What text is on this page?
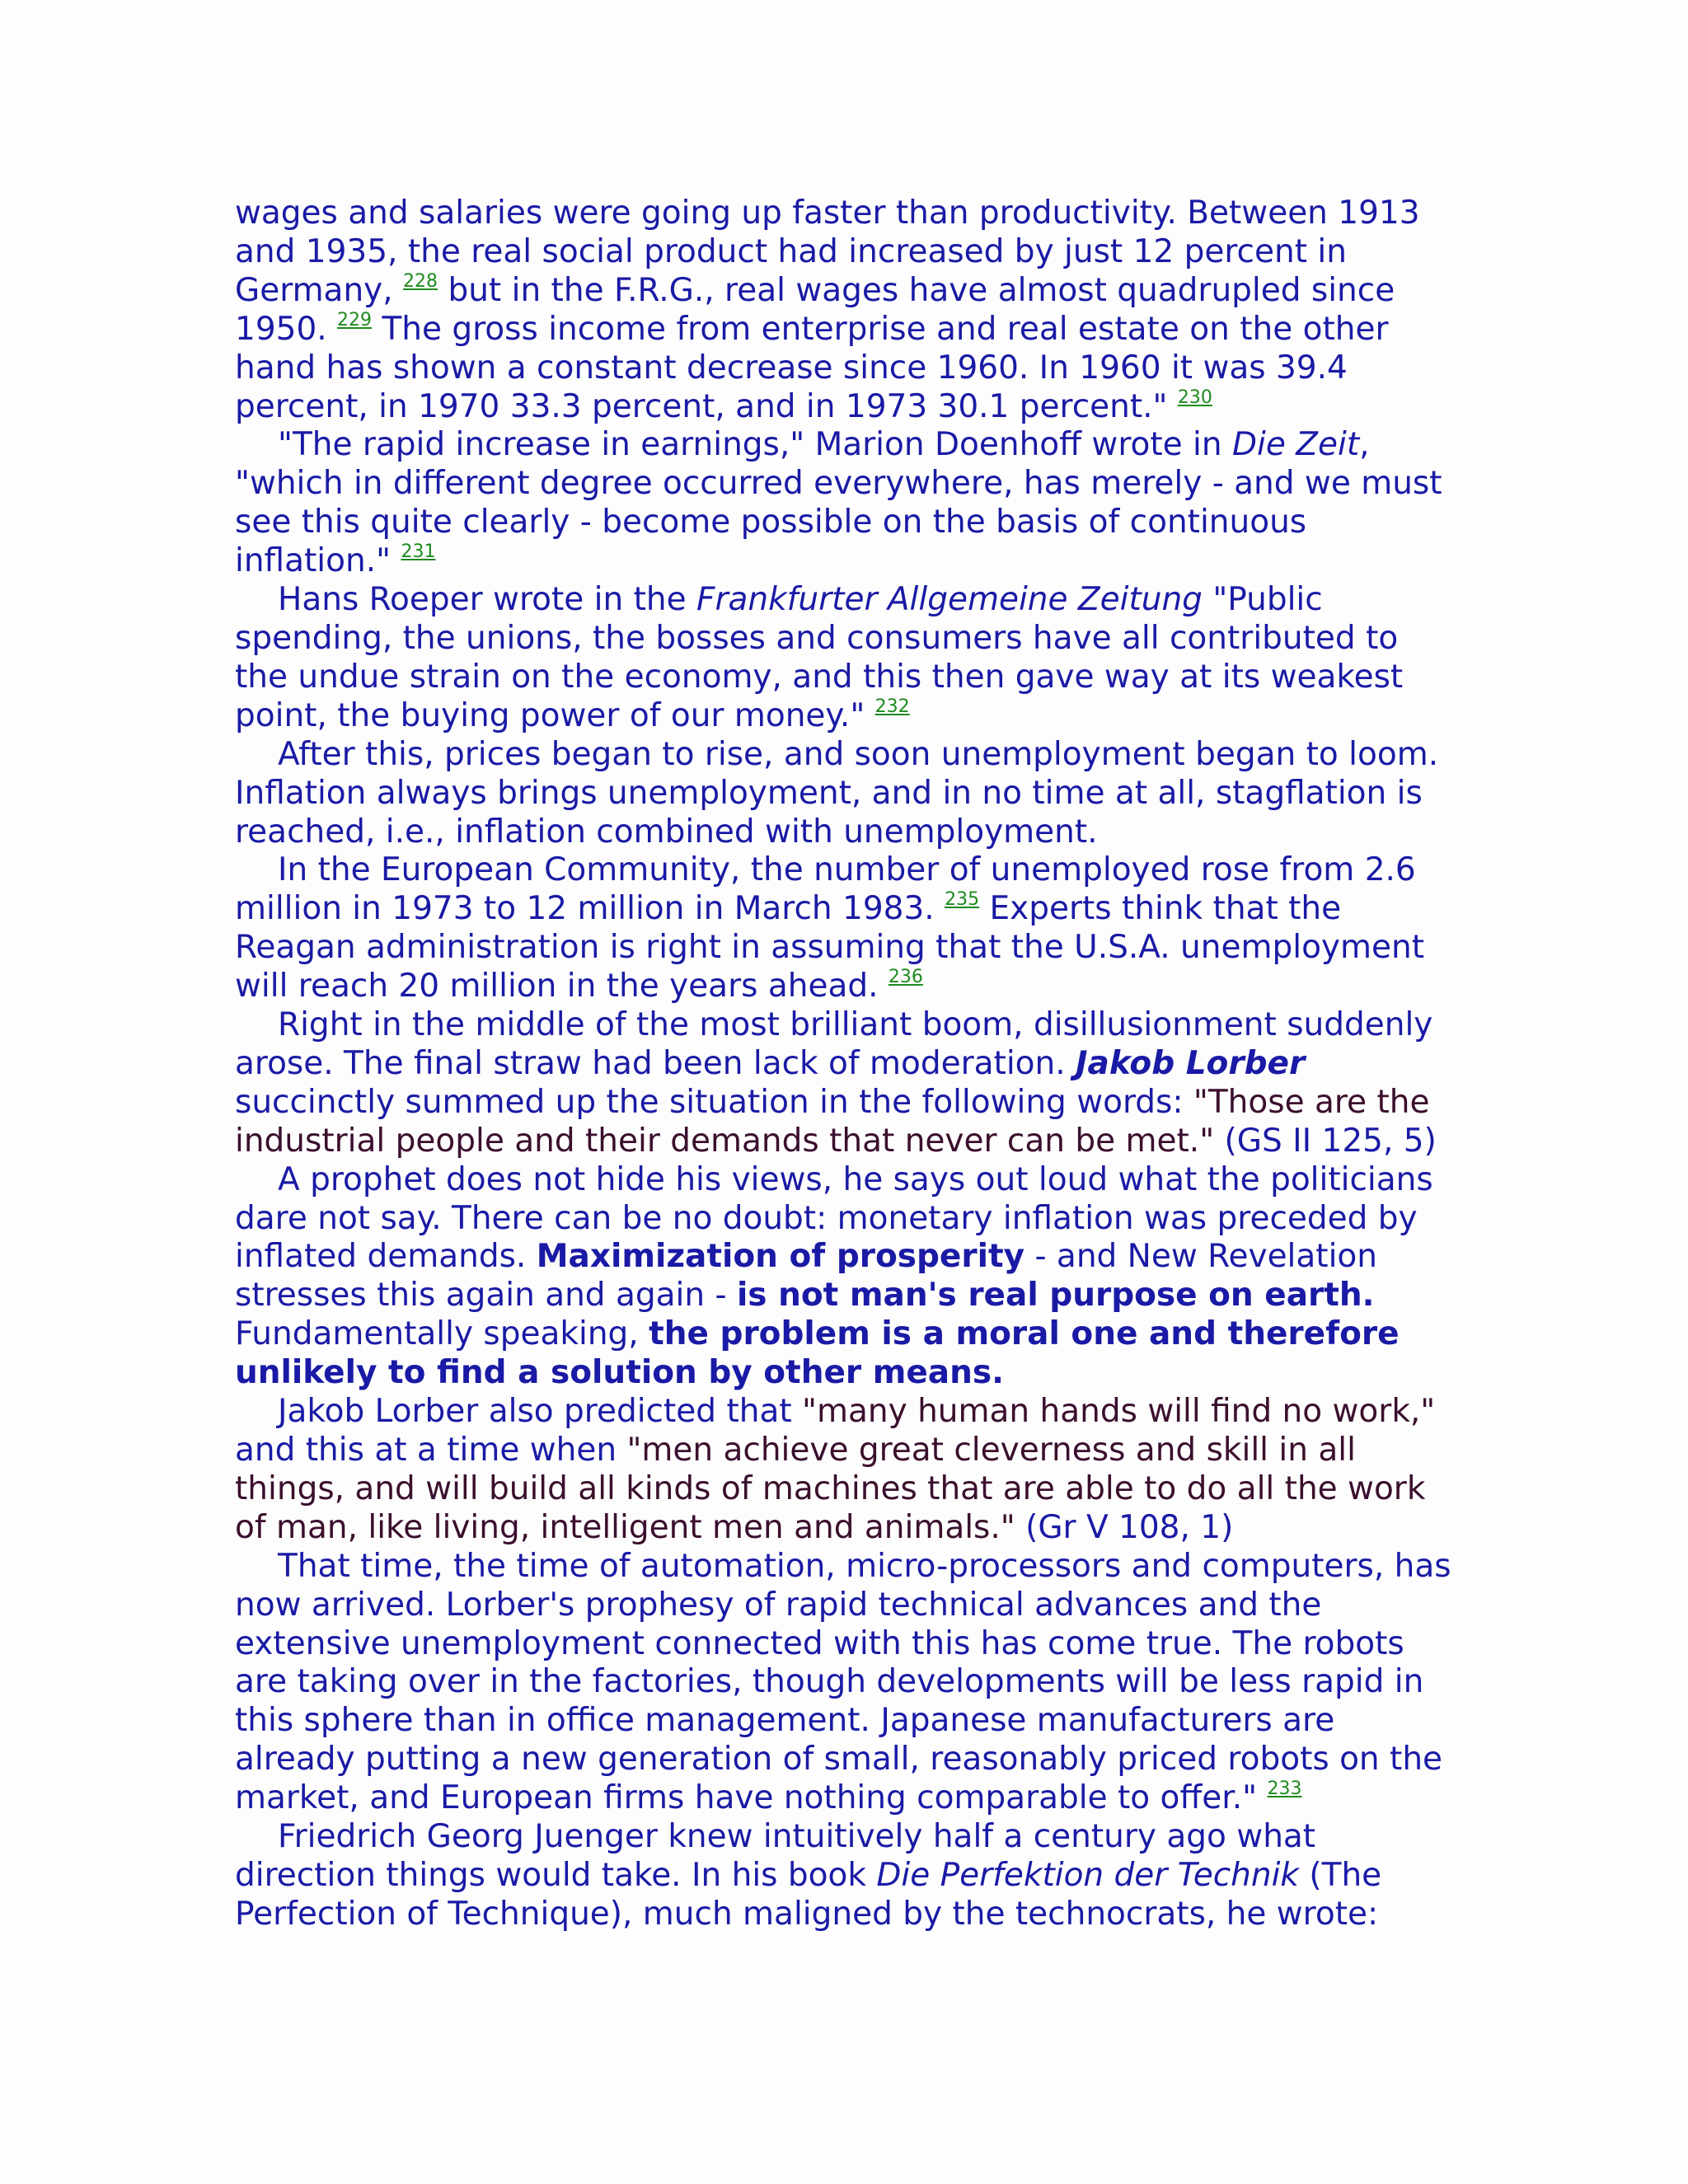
wages and salaries were going up faster than productivity. Between 1913 and 1935, the real social product had increased by just 12 percent in Germany, $^{228}$ but in the F.R.G., real wages have almost quadrupled since 1950. $^{229}$ The gross income from enterprise and real estate on the other hand has shown a constant decrease since 1960. In 1960 it was 39.4 percent, in 1970 33.3 percent, and in 1973 30.1 percent." $^{230}$

"The rapid increase in earnings," Marion Doenhoff wrote in Die Zeit, "which in different degree occurred everywhere, has merely - and we must see this quite clearly - become possible on the basis of continuous inflation." $^{231}$

Hans Roeper wrote in the Frankfurter Allgemeine Zeitung "Public spending, the unions, the bosses and consumers have all contributed to the undue strain on the economy, and this then gave way at its weakest point, the buying power of our money." $^{232}$

After this, prices began to rise, and soon unemployment began to loom. Inflation always brings unemployment, and in no time at all, stagflation is reached, i.e., inflation combined with unemployment.

In the European Community, the number of unemployed rose from 2.6 million in 1973 to 12 million in March 1983. $^{235}$ Experts think that the Reagan administration is right in assuming that the U.S.A. unemployment will reach 20 million in the years ahead. $^{236}$

Right in the middle of the most brilliant boom, disillusionment suddenly arose. The final straw had been lack of moderation. Jakob Lorber succinctly summed up the situation in the following words: "Those are the industrial people and their demands that never can be met." (GS II 125, 5)

A prophet does not hide his views, he says out loud what the politicians dare not say. There can be no doubt: monetary inflation was preceded by inflated demands. Maximization of prosperity - and New Revelation stresses this again and again - is not man's real purpose on earth. Fundamentally speaking, the problem is a moral one and therefore unlikely to find a solution by other means.

Jakob Lorber also predicted that "many human hands will find no work," and this at a time when "men achieve great cleverness and skill in all things, and will build all kinds of machines that are able to do all the work of man, like living, intelligent men and animals." (Gr V 108, 1)

That time, the time of automation, micro-processors and computers, has now arrived. Lorber's prophesy of rapid technical advances and the extensive unemployment connected with this has come true. The robots are taking over in the factories, though developments will be less rapid in this sphere than in office management. Japanese manufacturers are already putting a new generation of small, reasonably priced robots on the market, and European firms have nothing comparable to offer." $^{233}$

Friedrich Georg Juenger knew intuitively half a century ago what direction things would take. In his book Die Perfektion der Technik (The Perfection of Technique), much maligned by the technocrats, he wrote:
